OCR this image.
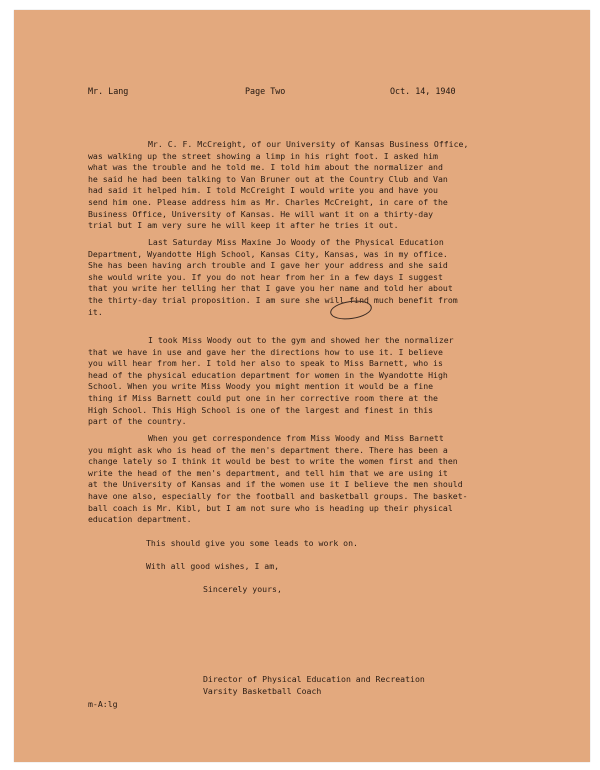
Mr. Lang	Page Two	Oct. 14, 1940
Mr. C. F. McCreight, of our University of Kansas Business Office,
was walking up the street showing a limp in his right foot. I asked him
what was the trouble and he told me. I told him about the normalizer and
he said he had been talking to Van Bruner out at the Country Club and Van
had said it helped him. I told McCreight I would write you and have you
send him one. Please address him as Mr. Charles McCreight, in care of the
Business Office, University of Kansas. He will want it on a thirty-day
trial but I am very sure he will keep it after he tries it out.
Last Saturday Miss Maxine Jo Woody of the Physical Education
Department, Wyandotte High School, Kansas City, Kansas, was in my office.
She has been having arch trouble and I gave her your address and she said
she would write you. If you do not hear from her in a few days I suggest
that you write her telling her that I gave you her name and told her about
the thirty-day trial proposition. I am sure she will find much benefit from
it.
I took Miss Woody out to the gym and showed her the normalizer
that we have in use and gave her the directions how to use it. I believe
you will hear from her. I told her also to speak to Miss Barnett, who is
head of the physical education department for women in the Wyandotte High
School. When you write Miss Woody you might mention it would be a fine
thing if Miss Barnett could put one in her corrective room there at the
High School. This High School is one of the largest and finest in this
part of the country.
When you get correspondence from Miss Woody and Miss Barnett
you might ask who is head of the men's department there. There has been a
change lately so I think it would be best to write the women first and then
write the head of the men's department, and tell him that we are using it
at the University of Kansas and if the women use it I believe the men should
have one also, especially for the football and basketball groups. The basket-
ball coach is Mr. Kibl, but I am not sure who is heading up their physical
education department.
This should give you some leads to work on.
With all good wishes, I am,
Sincerely yours,
Director of Physical Education and Recreation
Varsity Basketball Coach
m-A:lg
